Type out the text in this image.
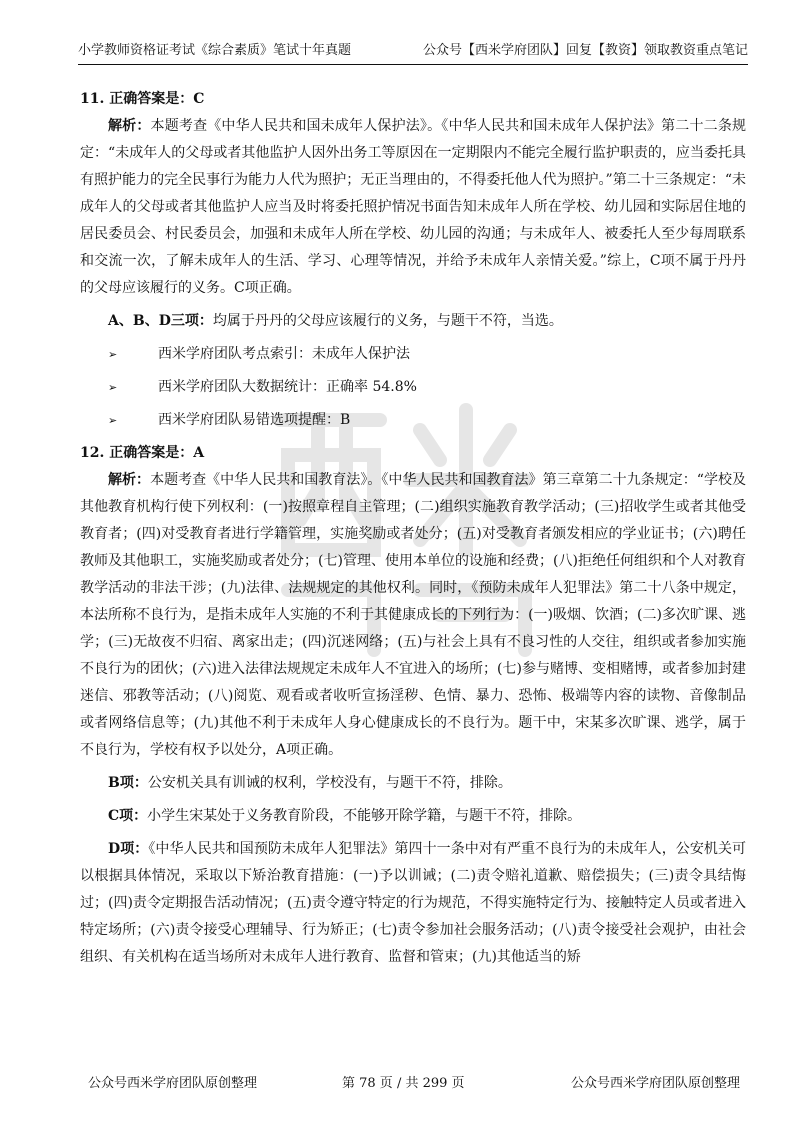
小学教师资格证考试《综合素质》笔试十年真题	公众号【西米学府团队】回复【教资】领取教资重点笔记
西米学府
11. 正确答案是：C
解析：本题考查《中华人民共和国未成年人保护法》。《中华人民共和国未成年人保护法》第二十二条规定：“未成年人的父母或者其他监护人因外出务工等原因在一定期限内不能完全履行监护职责的，应当委托具有照护能力的完全民事行为能力人代为照护；无正当理由的，不得委托他人代为照护。”第二十三条规定：“未成年人的父母或者其他监护人应当及时将委托照护情况书面告知未成年人所在学校、幼儿园和实际居住地的居民委员会、村民委员会，加强和未成年人所在学校、幼儿园的沟通；与未成年人、被委托人至少每周联系和交流一次，了解未成年人的生活、学习、心理等情况，并给予未成年人亲情关爱。”综上，C项不属于丹丹的父母应该履行的义务。C项正确。
A、B、D三项：均属于丹丹的父母应该履行的义务，与题干不符，当选。
➢	西米学府团队考点索引：未成年人保护法
➢	西米学府团队大数据统计：正确率 54.8%
➢	西米学府团队易错选项提醒：B
12. 正确答案是：A
解析：本题考查《中华人民共和国教育法》。《中华人民共和国教育法》第三章第二十九条规定：“学校及其他教育机构行使下列权利：(一)按照章程自主管理；(二)组织实施教育教学活动；(三)招收学生或者其他受教育者；(四)对受教育者进行学籍管理，实施奖励或者处分；(五)对受教育者颁发相应的学业证书；(六)聘任教师及其他职工，实施奖励或者处分；(七)管理、使用本单位的设施和经费；(八)拒绝任何组织和个人对教育教学活动的非法干涉；(九)法律、法规规定的其他权利。同时，《预防未成年人犯罪法》第二十八条中规定，本法所称不良行为，是指未成年人实施的不利于其健康成长的下列行为：(一)吸烟、饮酒；(二)多次旷课、逃学；(三)无故夜不归宿、离家出走；(四)沉迷网络；(五)与社会上具有不良习性的人交往，组织或者参加实施不良行为的团伙；(六)进入法律法规规定未成年人不宜进入的场所；(七)参与赌博、变相赌博，或者参加封建迷信、邪教等活动；(八)阅览、观看或者收听宣扬淫秽、色情、暴力、恐怖、极端等内容的读物、音像制品或者网络信息等；(九)其他不利于未成年人身心健康成长的不良行为。题干中，宋某多次旷课、逃学，属于不良行为，学校有权予以处分，A项正确。
B项：公安机关具有训诫的权利，学校没有，与题干不符，排除。
C项：小学生宋某处于义务教育阶段，不能够开除学籍，与题干不符，排除。
D项：《中华人民共和国预防未成年人犯罪法》第四十一条中对有严重不良行为的未成年人，公安机关可以根据具体情况，采取以下矫治教育措施：(一)予以训诫；(二)责令赔礼道歉、赔偿损失；(三)责令具结悔过；(四)责令定期报告活动情况；(五)责令遵守特定的行为规范，不得实施特定行为、接触特定人员或者进入特定场所；(六)责令接受心理辅导、行为矫正；(七)责令参加社会服务活动；(八)责令接受社会观护，由社会组织、有关机构在适当场所对未成年人进行教育、监督和管束；(九)其他适当的矫
公众号西米学府团队原创整理	第 78 页 / 共 299 页	公众号西米学府团队原创整理
